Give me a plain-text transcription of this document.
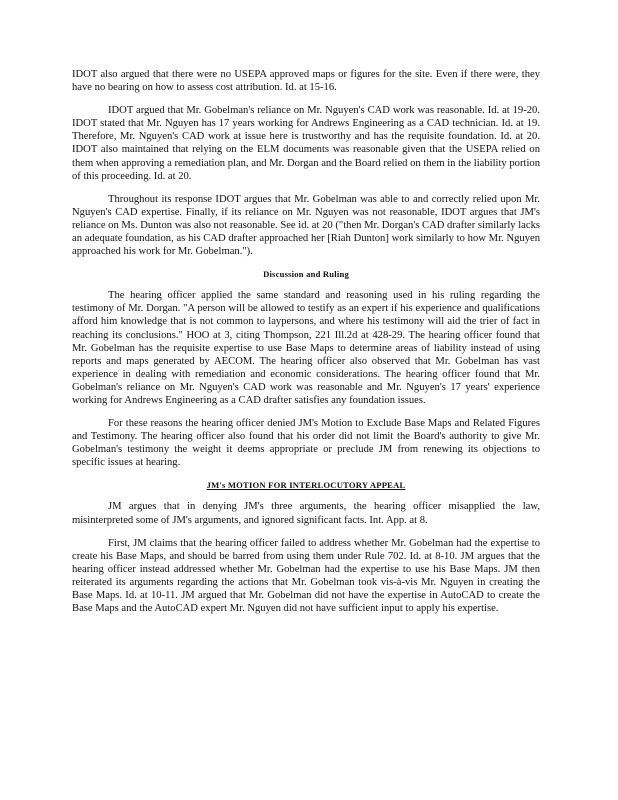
IDOT also argued that there were no USEPA approved maps or figures for the site. Even if there were, they have no bearing on how to assess cost attribution. Id. at 15-16.

IDOT argued that Mr. Gobelman's reliance on Mr. Nguyen's CAD work was reasonable. Id. at 19-20. IDOT stated that Mr. Nguyen has 17 years working for Andrews Engineering as a CAD technician. Id. at 19. Therefore, Mr. Nguyen's CAD work at issue here is trustworthy and has the requisite foundation. Id. at 20. IDOT also maintained that relying on the ELM documents was reasonable given that the USEPA relied on them when approving a remediation plan, and Mr. Dorgan and the Board relied on them in the liability portion of this proceeding. Id. at 20.

Throughout its response IDOT argues that Mr. Gobelman was able to and correctly relied upon Mr. Nguyen's CAD expertise. Finally, if its reliance on Mr. Nguyen was not reasonable, IDOT argues that JM's reliance on Ms. Dunton was also not reasonable. See id. at 20 ("then Mr. Dorgan's CAD drafter similarly lacks an adequate foundation, as his CAD drafter approached her [Riah Dunton] work similarly to how Mr. Nguyen approached his work for Mr. Gobelman.").

Discussion and Ruling

The hearing officer applied the same standard and reasoning used in his ruling regarding the testimony of Mr. Dorgan. "A person will be allowed to testify as an expert if his experience and qualifications afford him knowledge that is not common to laypersons, and where his testimony will aid the trier of fact in reaching its conclusions." HOO at 3, citing Thompson, 221 Ill.2d at 428-29. The hearing officer found that Mr. Gobelman has the requisite expertise to use Base Maps to determine areas of liability instead of using reports and maps generated by AECOM. The hearing officer also observed that Mr. Gobelman has vast experience in dealing with remediation and economic considerations. The hearing officer found that Mr. Gobelman's reliance on Mr. Nguyen's CAD work was reasonable and Mr. Nguyen's 17 years' experience working for Andrews Engineering as a CAD drafter satisfies any foundation issues.

For these reasons the hearing officer denied JM's Motion to Exclude Base Maps and Related Figures and Testimony. The hearing officer also found that his order did not limit the Board's authority to give Mr. Gobelman's testimony the weight it deems appropriate or preclude JM from renewing its objections to specific issues at hearing.

JM's MOTION FOR INTERLOCUTORY APPEAL

JM argues that in denying JM's three arguments, the hearing officer misapplied the law, misinterpreted some of JM's arguments, and ignored significant facts. Int. App. at 8.

First, JM claims that the hearing officer failed to address whether Mr. Gobelman had the expertise to create his Base Maps, and should be barred from using them under Rule 702. Id. at 8-10. JM argues that the hearing officer instead addressed whether Mr. Gobelman had the expertise to use his Base Maps. JM then reiterated its arguments regarding the actions that Mr. Gobelman took vis-à-vis Mr. Nguyen in creating the Base Maps. Id. at 10-11. JM argued that Mr. Gobelman did not have the expertise in AutoCAD to create the Base Maps and the AutoCAD expert Mr. Nguyen did not have sufficient input to apply his expertise.
